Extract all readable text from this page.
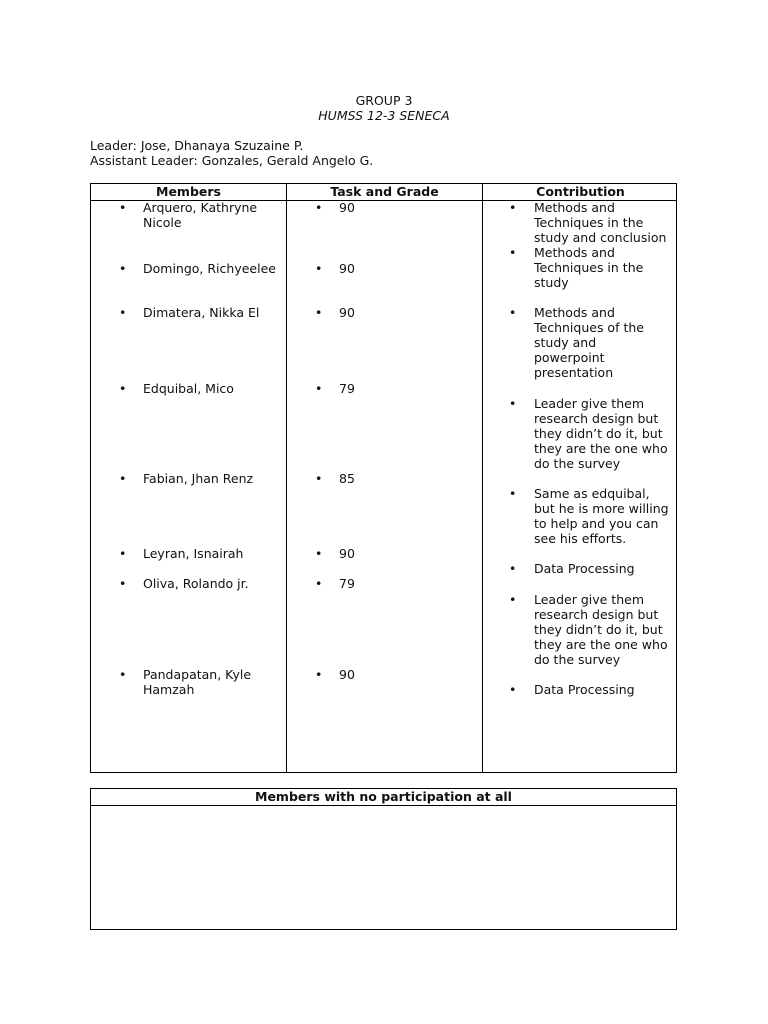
GROUP 3
HUMSS 12-3 SENECA
Leader: Jose, Dhanaya Szuzaine P.
Assistant Leader: Gonzales, Gerald Angelo G.
Members
• Arquero, Kathryne
Nicole
• Domingo, Richyeelee
• Dimatera, Nikka El
• Edquibal, Mico
• Fabian, Jhan Renz
• Leyran, Isnairah
• Oliva, Rolando jr.
• Pandapatan, Kyle
Hamzah
Task and Grade
• 90
• 90
• 90
• 79
• 85
• 90
• 79
• 90
Contribution
• Methods and
Techniques in the
study and conclusion
• Methods and
Techniques in the
study
• Methods and
Techniques of the
study and
powerpoint
presentation
• Leader give them
research design but
they didn’t do it, but
they are the one who
do the survey
• Same as edquibal,
but he is more willing
to help and you can
see his efforts.
• Data Processing
• Leader give them
research design but
they didn’t do it, but
they are the one who
do the survey
• Data Processing
Members with no participation at all
